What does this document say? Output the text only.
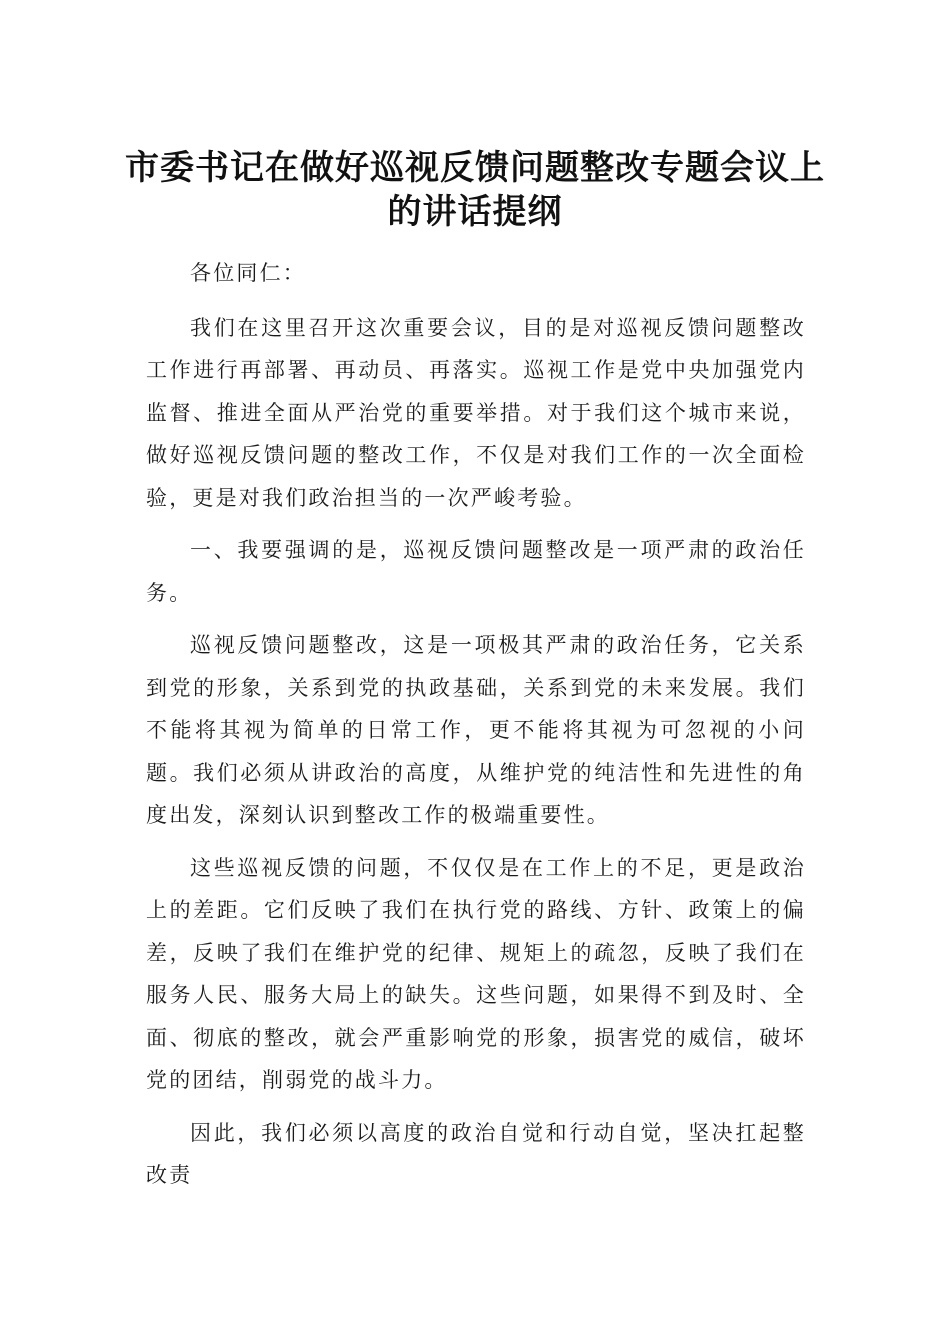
市委书记在做好巡视反馈问题整改专题会议上的讲话提纲

各位同仁：

我们在这里召开这次重要会议，目的是对巡视反馈问题整改工作进行再部署、再动员、再落实。巡视工作是党中央加强党内监督、推进全面从严治党的重要举措。对于我们这个城市来说，做好巡视反馈问题的整改工作，不仅是对我们工作的一次全面检验，更是对我们政治担当的一次严峻考验。

一、我要强调的是，巡视反馈问题整改是一项严肃的政治任务。

巡视反馈问题整改，这是一项极其严肃的政治任务，它关系到党的形象，关系到党的执政基础，关系到党的未来发展。我们不能将其视为简单的日常工作，更不能将其视为可忽视的小问题。我们必须从讲政治的高度，从维护党的纯洁性和先进性的角度出发，深刻认识到整改工作的极端重要性。

这些巡视反馈的问题，不仅仅是在工作上的不足，更是政治上的差距。它们反映了我们在执行党的路线、方针、政策上的偏差，反映了我们在维护党的纪律、规矩上的疏忽，反映了我们在服务人民、服务大局上的缺失。这些问题，如果得不到及时、全面、彻底的整改，就会严重影响党的形象，损害党的威信，破坏党的团结，削弱党的战斗力。

因此，我们必须以高度的政治自觉和行动自觉，坚决扛起整改责
